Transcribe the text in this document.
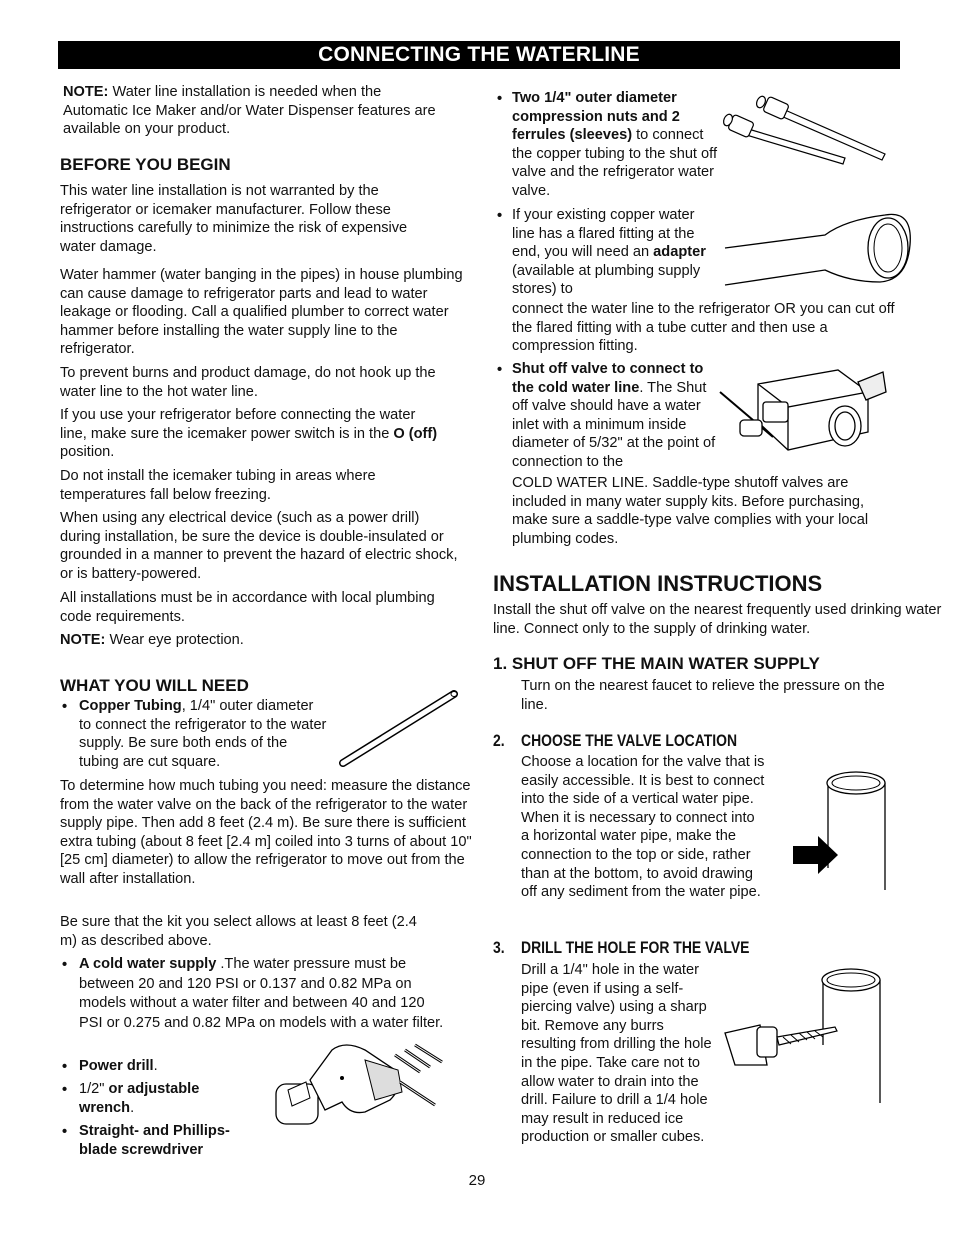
CONNECTING THE WATERLINE

NOTE: Water line installation is needed when the Automatic Ice Maker and/or Water Dispenser features are available on your product.

BEFORE YOU BEGIN

This water line installation is not warranted by the refrigerator or icemaker manufacturer. Follow these instructions carefully to minimize the risk of expensive water damage.

Water hammer (water banging in the pipes) in house plumbing can cause damage to refrigerator parts and lead to water leakage or flooding. Call a qualified plumber to correct water hammer before installing the water supply line to the refrigerator.

To prevent burns and product damage, do not hook up the water line to the hot water line.

If you use your refrigerator before connecting the water line, make sure the icemaker power switch is in the O (off) position.

Do not install the icemaker tubing in areas where temperatures fall below freezing.

When using any electrical device (such as a power drill) during installation, be sure the device is double-insulated or grounded in a manner to prevent the hazard of electric shock, or is battery-powered.

All installations must be in accordance with local plumbing code requirements.

NOTE: Wear eye protection.

WHAT YOU WILL NEED
• Copper Tubing, 1/4" outer diameter to connect the refrigerator to the water supply. Be sure both ends of the tubing are cut square.

To determine how much tubing you need: measure the distance from the water valve on the back of the refrigerator to the water supply pipe. Then add 8 feet (2.4 m). Be sure there is sufficient extra tubing (about 8 feet [2.4 m] coiled into 3 turns of about 10"[25 cm] diameter) to allow the refrigerator to move out from the wall after installation.

Be sure that the kit you select allows at least 8 feet (2.4 m) as described above.

• A cold water supply .The water pressure must be between 20 and 120 PSI or 0.137 and 0.82 MPa on models without a water filter and between 40 and 120 PSI or 0.275 and 0.82 MPa on models with a water filter.

• Power drill.

• 1/2" or adjustable wrench.

• Straight- and Phillips-blade screwdriver

• Two 1/4" outer diameter compression nuts and 2 ferrules (sleeves) to connect the copper tubing to the shut off valve and the refrigerator water valve.

• If your existing copper water line has a flared fitting at the end, you will need an adapter (available at plumbing supply stores) to

connect the water line to the refrigerator OR you can cut off the flared fitting with a tube cutter and then use a compression fitting.

• Shut off valve to connect to the cold water line. The Shut off valve should have a water inlet with a minimum inside diameter of 5/32" at the point of connection to the

COLD WATER LINE. Saddle-type shutoff valves are included in many water supply kits. Before purchasing, make sure a saddle-type valve complies with your local plumbing codes.

INSTALLATION INSTRUCTIONS

Install the shut off valve on the nearest frequently used drinking water line. Connect only to the supply of drinking water.

1. SHUT OFF THE MAIN WATER SUPPLY

Turn on the nearest faucet to relieve the pressure on the line.

2. CHOOSE THE VALVE LOCATION

Choose a location for the valve that is easily accessible. It is best to connect into the side of a vertical water pipe. When it is necessary to connect into a horizontal water pipe, make the connection to the top or side, rather than at the bottom, to avoid drawing off any sediment from the water pipe.

3. DRILL THE HOLE FOR THE VALVE

Drill a 1/4" hole in the water pipe (even if using a self-piercing valve) using a sharp bit. Remove any burrs resulting from drilling the hole in the pipe. Take care not to allow water to drain into the drill. Failure to drill a 1/4 hole may result in reduced ice production or smaller cubes.

29
